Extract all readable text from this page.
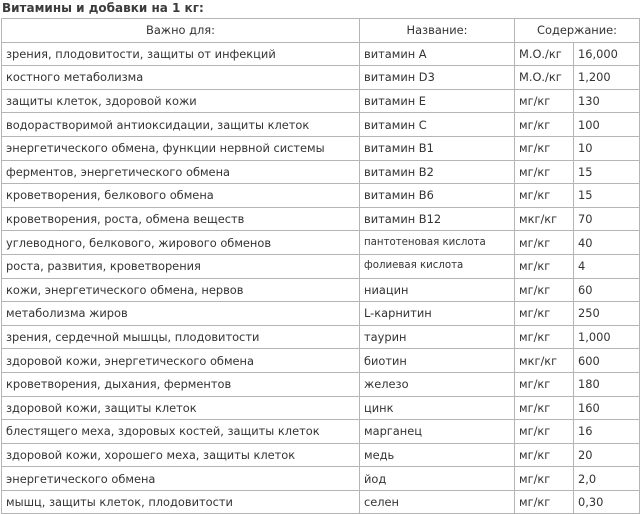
Витамины и добавки на 1 кг:
Важно для:	Название:	Содержание:	
зрения, плодовитости, защиты от инфекций	витамин А	М.О./кг	16,000
костного метаболизма	витамин D3	М.О./кг	1,200
защиты клеток, здоровой кожи	витамин Е	мг/кг	130
водорастворимой антиоксидации, защиты клеток	витамин С	мг/кг	100
энергетического обмена, функции нервной системы	витамин В1	мг/кг	10
ферментов, энергетического обмена	витамин В2	мг/кг	15
кроветворения, белкового обмена	витамин В6	мг/кг	15
кроветворения, роста, обмена веществ	витамин В12	мкг/кг	70
углеводного, белкового, жирового обменов	пантотеновая кислота	мг/кг	40
роста, развития, кроветворения	фолиевая кислота	мг/кг	4
кожи, энергетического обмена, нервов	ниацин	мг/кг	60
метаболизма жиров	L-карнитин	мг/кг	250
зрения, сердечной мышцы, плодовитости	таурин	мг/кг	1,000
здоровой кожи, энергетического обмена	биотин	мкг/кг	600
кроветворения, дыхания, ферментов	железо	мг/кг	180
здоровой кожи, защиты клеток	цинк	мг/кг	160
блестящего меха, здоровых костей, защиты клеток	марганец	мг/кг	16
здоровой кожи, хорошего меха, защиты клеток	медь	мг/кг	20
энергетического обмена	йод	мг/кг	2,0
мышц, защиты клеток, плодовитости	селен	мг/кг	0,30
